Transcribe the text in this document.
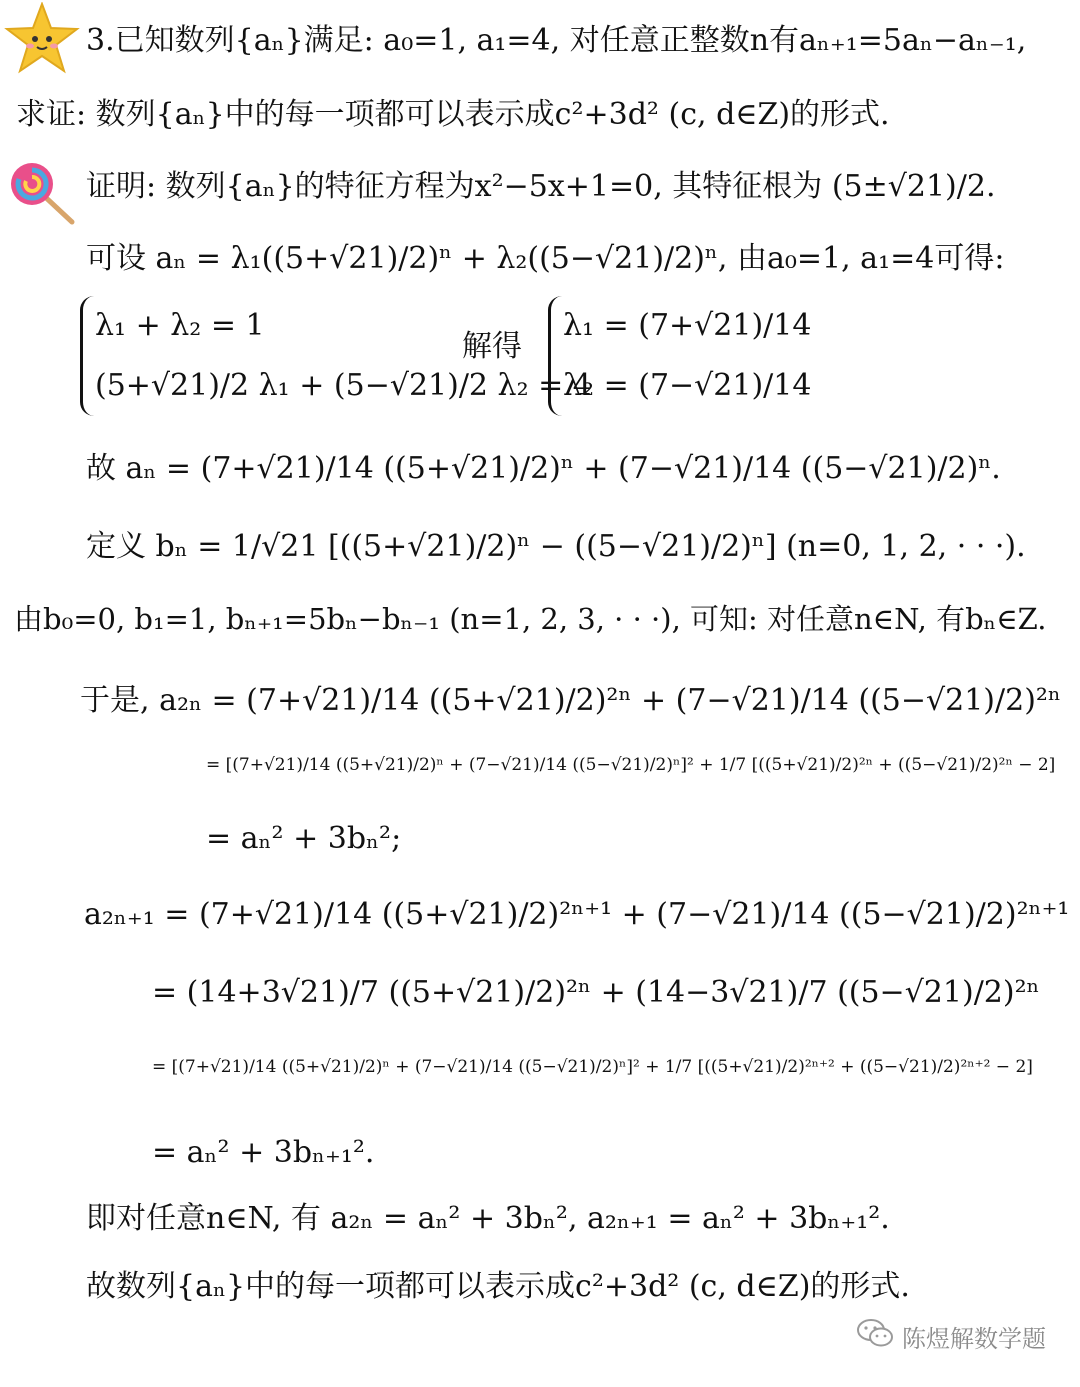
3.已知数列{aₙ}满足: a₀=1, a₁=4, 对任意正整数n有aₙ₊₁=5aₙ−aₙ₋₁,
求证: 数列{aₙ}中的每一项都可以表示成c²+3d² (c, d∈Z)的形式.
证明: 数列{aₙ}的特征方程为x²−5x+1=0, 其特征根为 (5±√21)/2.
可设 aₙ = λ₁((5+√21)/2)ⁿ + λ₂((5−√21)/2)ⁿ, 由a₀=1, a₁=4可得:
λ₁ + λ₂ = 1
(5+√21)/2 λ₁ + (5−√21)/2 λ₂ = 4
解得
λ₁ = (7+√21)/14
λ₂ = (7−√21)/14
故 aₙ = (7+√21)/14 ((5+√21)/2)ⁿ + (7−√21)/14 ((5−√21)/2)ⁿ.
定义 bₙ = 1/√21 [((5+√21)/2)ⁿ − ((5−√21)/2)ⁿ] (n=0, 1, 2, · · ·).
由b₀=0, b₁=1, bₙ₊₁=5bₙ−bₙ₋₁ (n=1, 2, 3, · · ·), 可知: 对任意n∈N, 有bₙ∈Z.
于是, a₂ₙ = (7+√21)/14 ((5+√21)/2)²ⁿ + (7−√21)/14 ((5−√21)/2)²ⁿ
= [(7+√21)/14 ((5+√21)/2)ⁿ + (7−√21)/14 ((5−√21)/2)ⁿ]² + 1/7 [((5+√21)/2)²ⁿ + ((5−√21)/2)²ⁿ − 2]
= aₙ² + 3bₙ²;
a₂ₙ₊₁ = (7+√21)/14 ((5+√21)/2)²ⁿ⁺¹ + (7−√21)/14 ((5−√21)/2)²ⁿ⁺¹
= (14+3√21)/7 ((5+√21)/2)²ⁿ + (14−3√21)/7 ((5−√21)/2)²ⁿ
= [(7+√21)/14 ((5+√21)/2)ⁿ + (7−√21)/14 ((5−√21)/2)ⁿ]² + 1/7 [((5+√21)/2)²ⁿ⁺² + ((5−√21)/2)²ⁿ⁺² − 2]
= aₙ² + 3bₙ₊₁².
即对任意n∈N, 有 a₂ₙ = aₙ² + 3bₙ², a₂ₙ₊₁ = aₙ² + 3bₙ₊₁².
故数列{aₙ}中的每一项都可以表示成c²+3d² (c, d∈Z)的形式.
陈煜解数学题
